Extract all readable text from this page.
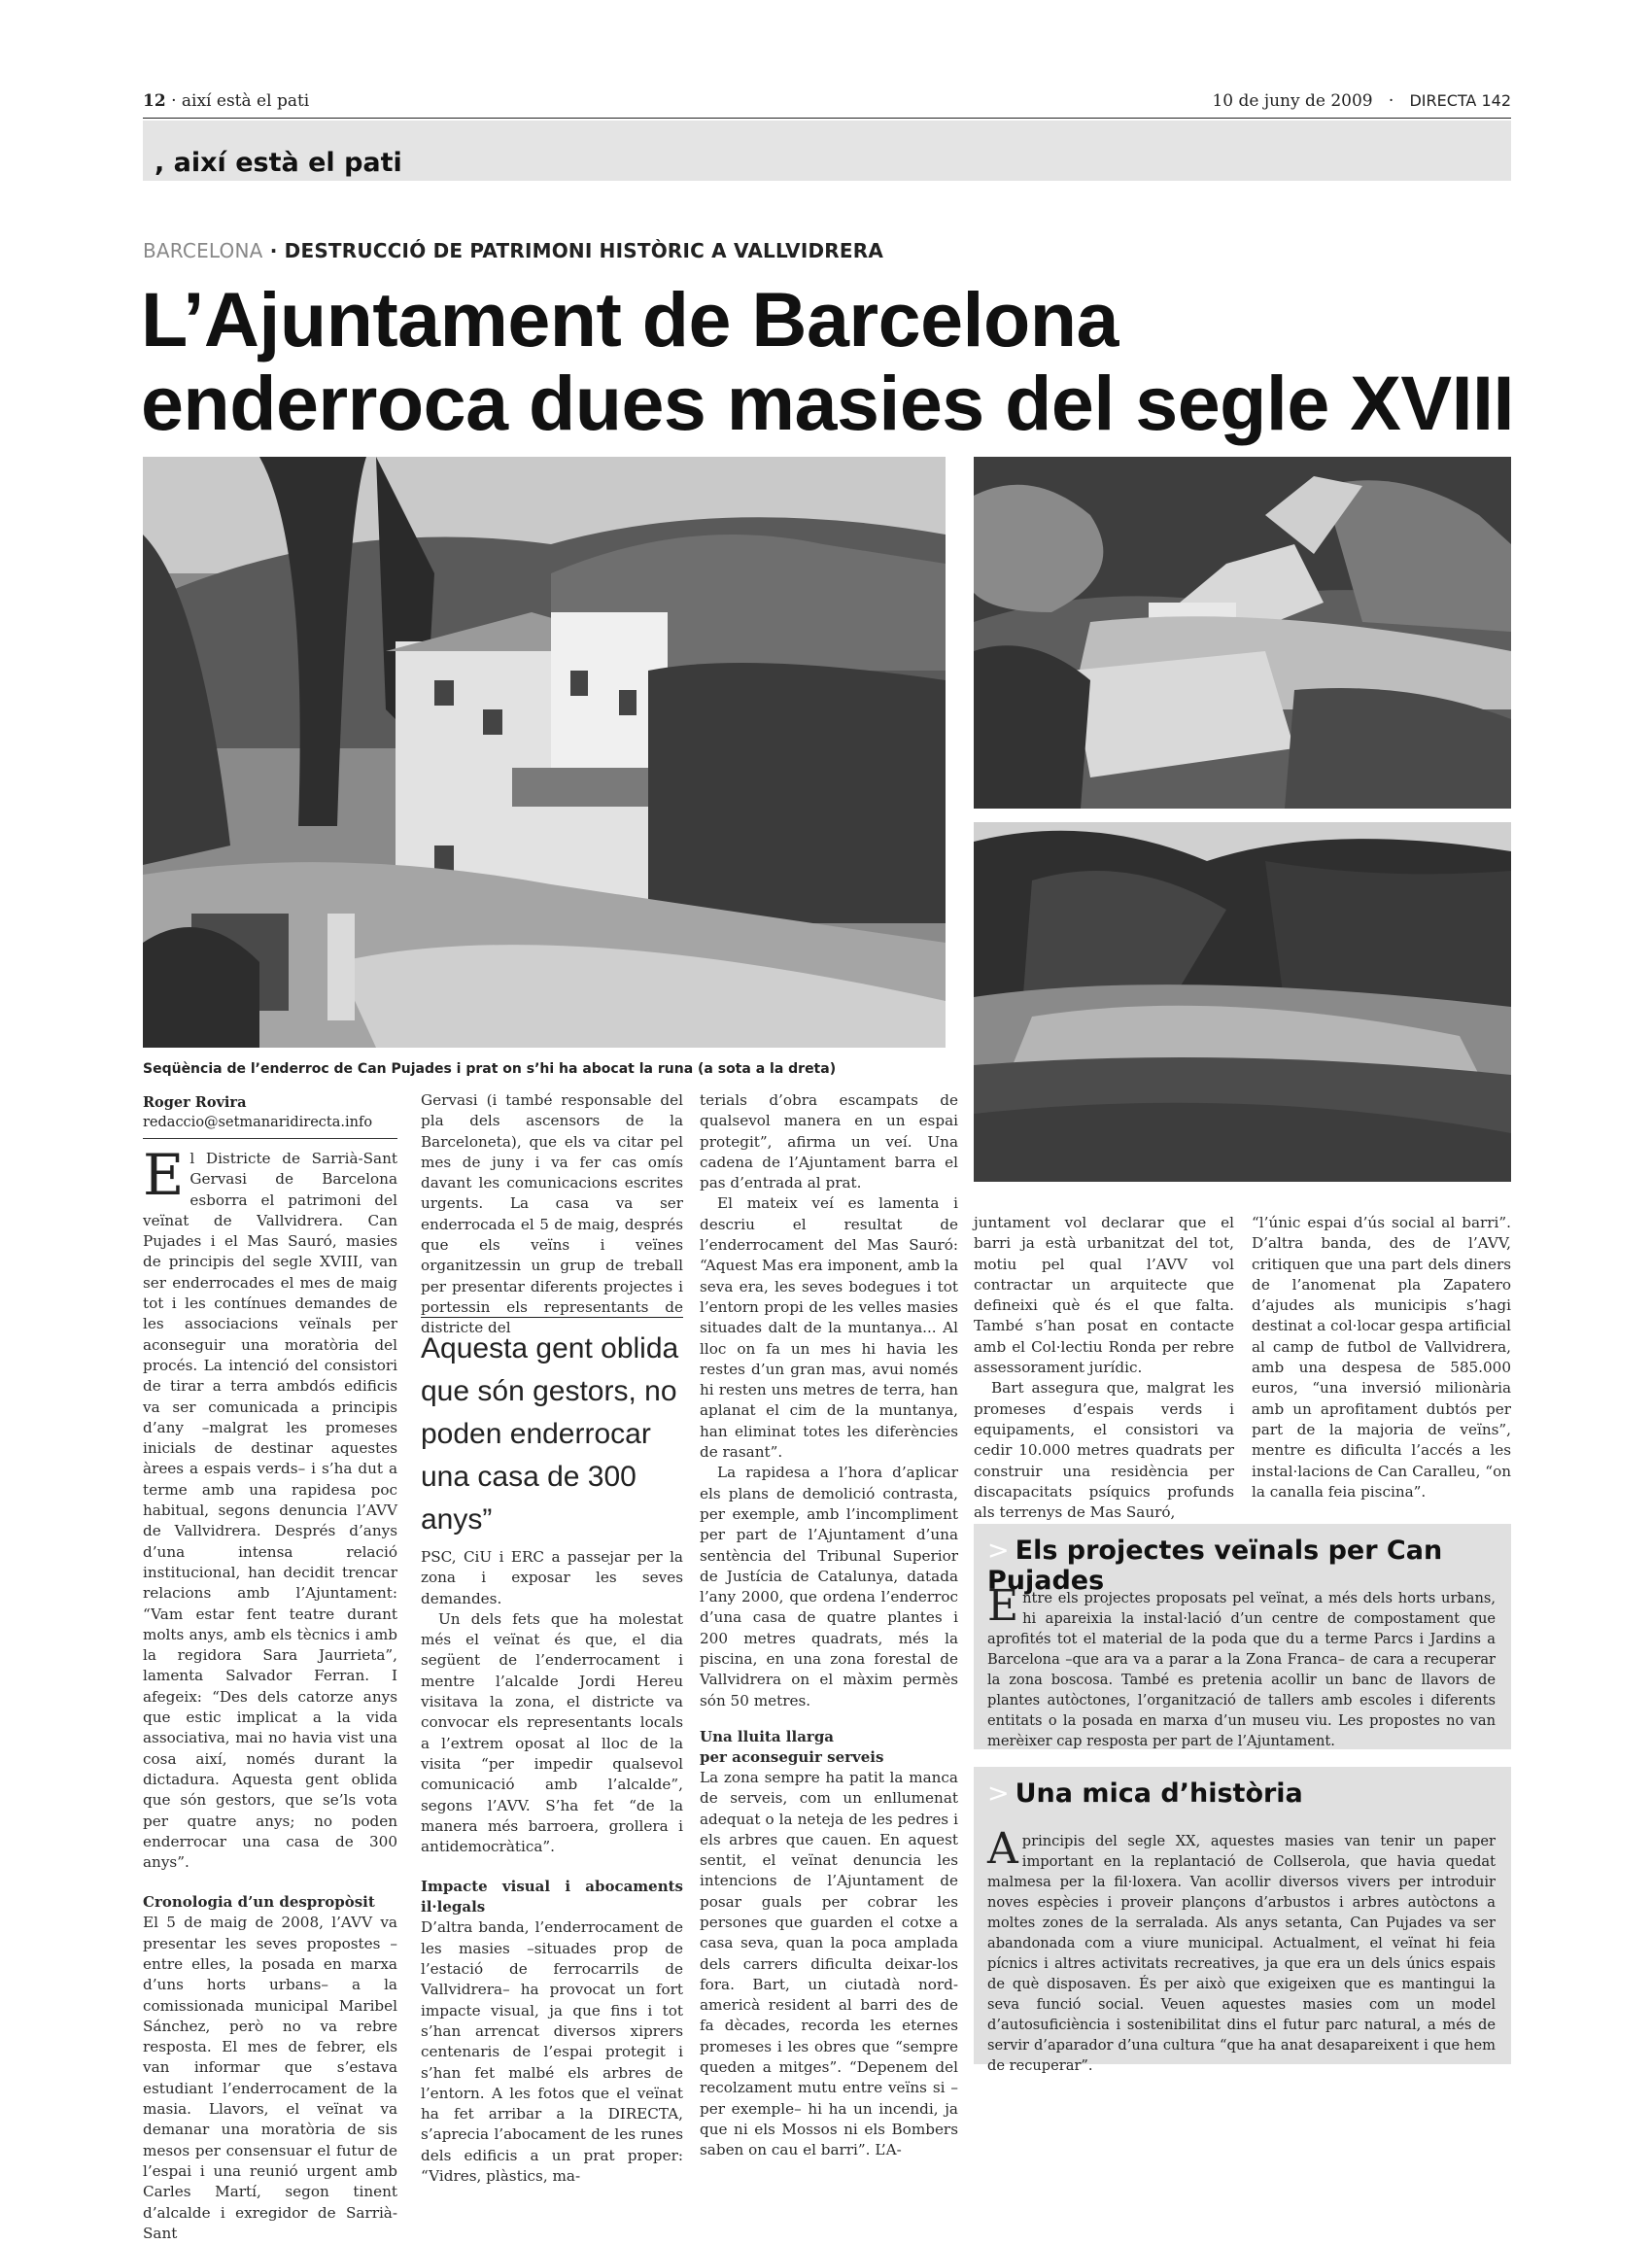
12 · així està el pati	10 de juny de 2009 · DIRECTA 142
, així està el pati
BARCELONA · DESTRUCCIÓ DE PATRIMONI HISTÒRIC A VALLVIDRERA
L’Ajuntament de Barcelona
enderroca dues masies del segle XVIII
Seqüència de l’enderroc de Can Pujades i prat on s’hi ha abocat la runa (a sota a la dreta)
Roger Rovira
redaccio@setmanaridirecta.info

El Districte de Sarrià-Sant Gervasi de Barcelona esborra el patrimoni del veïnat de Vallvidrera. Can Pujades i el Mas Sauró, masies de principis del segle XVIII, van ser enderrocades el mes de maig tot i les contínues demandes de les associacions veïnals per aconseguir una moratòria del procés. La intenció del consistori de tirar a terra ambdós edificis va ser comunicada a principis d’any –malgrat les promeses inicials de destinar aquestes àrees a espais verds– i s’ha dut a terme amb una rapidesa poc habitual, segons denuncia l’AVV de Vallvidrera. Després d’anys d’una intensa relació institucional, han decidit trencar relacions amb l’Ajuntament: “Vam estar fent teatre durant molts anys, amb els tècnics i amb la regidora Sara Jaurrieta”, lamenta Salvador Ferran. I afegeix: “Des dels catorze anys que estic implicat a la vida associativa, mai no havia vist una cosa així, només durant la dictadura. Aquesta gent oblida que són gestors, que se’ls vota per quatre anys; no poden enderrocar una casa de 300 anys”.

Cronologia d’un despropòsit

El 5 de maig de 2008, l’AVV va presentar les seves propostes –entre elles, la posada en marxa d’uns horts urbans– a la comissionada municipal Maribel Sánchez, però no va rebre resposta. El mes de febrer, els van informar que s’estava estudiant l’enderrocament de la masia. Llavors, el veïnat va demanar una moratòria de sis mesos per consensuar el futur de l’espai i una reunió urgent amb Carles Martí, segon tinent d’alcalde i exregidor de Sarrià-Sant

Gervasi (i també responsable del pla dels ascensors de la Barceloneta), que els va citar pel mes de juny i va fer cas omís davant les comunicacions escrites urgents. La casa va ser enderrocada el 5 de maig, després que els veïns i veïnes organitzessin un grup de treball per presentar diferents projectes i portessin els representants de districte del

Aquesta gent oblida que són gestors, no poden enderrocar una casa de 300 anys”

PSC, CiU i ERC a passejar per la zona i exposar les seves demandes.

Un dels fets que ha molestat més el veïnat és que, el dia següent de l’enderrocament i mentre l’alcalde Jordi Hereu visitava la zona, el districte va convocar els representants locals a l’extrem oposat al lloc de la visita “per impedir qualsevol comunicació amb l’alcalde”, segons l’AVV. S’ha fet “de la manera més barroera, grollera i antidemocràtica”.

Impacte visual i abocaments il·legals

D’altra banda, l’enderrocament de les masies –situades prop de l’estació de ferrocarrils de Vallvidrera– ha provocat un fort impacte visual, ja que fins i tot s’han arrencat diversos xiprers centenaris de l’espai protegit i s’han fet malbé els arbres de l’entorn. A les fotos que el veïnat ha fet arribar a la DIRECTA, s’aprecia l’abocament de les runes dels edificis a un prat proper: “Vidres, plàstics, ma-

terials d’obra escampats de qualsevol manera en un espai protegit”, afirma un veí. Una cadena de l’Ajuntament barra el pas d’entrada al prat.

El mateix veí es lamenta i descriu el resultat de l’enderrocament del Mas Sauró: “Aquest Mas era imponent, amb la seva era, les seves bodegues i tot l’entorn propi de les velles masies situades dalt de la muntanya... Al lloc on fa un mes hi havia les restes d’un gran mas, avui només hi resten uns metres de terra, han aplanat el cim de la muntanya, han eliminat totes les diferències de rasant”.

La rapidesa a l’hora d’aplicar els plans de demolició contrasta, per exemple, amb l’incompliment per part de l’Ajuntament d’una sentència del Tribunal Superior de Justícia de Catalunya, datada l’any 2000, que ordena l’enderroc d’una casa de quatre plantes i 200 metres quadrats, més la piscina, en una zona forestal de Vallvidrera on el màxim permès són 50 metres.

Una lluita llarga
per aconseguir serveis

La zona sempre ha patit la manca de serveis, com un enllumenat adequat o la neteja de les pedres i els arbres que cauen. En aquest sentit, el veïnat denuncia les intencions de l’Ajuntament de posar guals per cobrar les persones que guarden el cotxe a casa seva, quan la poca amplada dels carrers dificulta deixar-los fora. Bart, un ciutadà nord-americà resident al barri des de fa dècades, recorda les eternes promeses i les obres que “sempre queden a mitges”. “Depenem del recolzament mutu entre veïns si –per exemple– hi ha un incendi, ja que ni els Mossos ni els Bombers saben on cau el barri”. L’A-

juntament vol declarar que el barri ja està urbanitzat del tot, motiu pel qual l’AVV vol contractar un arquitecte que defineixi què és el que falta. També s’han posat en contacte amb el Col·lectiu Ronda per rebre assessorament jurídic.

Bart assegura que, malgrat les promeses d’espais verds i equipaments, el consistori va cedir 10.000 metres quadrats per construir una residència per discapacitats psíquics profunds als terrenys de Mas Sauró,

“l’únic espai d’ús social al barri”. D’altra banda, des de l’AVV, critiquen que una part dels diners de l’anomenat pla Zapatero d’ajudes als municipis s’hagi destinat a col·locar gespa artificial al camp de futbol de Vallvidrera, amb una despesa de 585.000 euros, “una inversió milionària amb un aprofitament dubtós per part de la majoria de veïns”, mentre es dificulta l’accés a les instal·lacions de Can Caralleu, “on la canalla feia piscina”.

> Els projectes veïnals per Can Pujades
Entre els projectes proposats pel veïnat, a més dels horts urbans, hi apareixia la instal·lació d’un centre de compostament que aprofités tot el material de la poda que du a terme Parcs i Jardins a Barcelona –que ara va a parar a la Zona Franca– de cara a recuperar la zona boscosa. També es pretenia acollir un banc de llavors de plantes autòctones, l’organització de tallers amb escoles i diferents entitats o la posada en marxa d’un museu viu. Les propostes no van merèixer cap resposta per part de l’Ajuntament.
> Una mica d’història
A principis del segle XX, aquestes masies van tenir un paper important en la replantació de Collserola, que havia quedat malmesa per la fil·loxera. Van acollir diversos vivers per introduir noves espècies i proveir plançons d’arbustos i arbres autòctons a moltes zones de la serralada. Als anys setanta, Can Pujades va ser abandonada com a viure municipal. Actualment, el veïnat hi feia pícnics i altres activitats recreatives, ja que era un dels únics espais de què disposaven. És per això que exigeixen que es mantingui la seva funció social. Veuen aquestes masies com un model d’autosuficiència i sostenibilitat dins el futur parc natural, a més de servir d’aparador d’una cultura “que ha anat desapareixent i que hem de recuperar”.
